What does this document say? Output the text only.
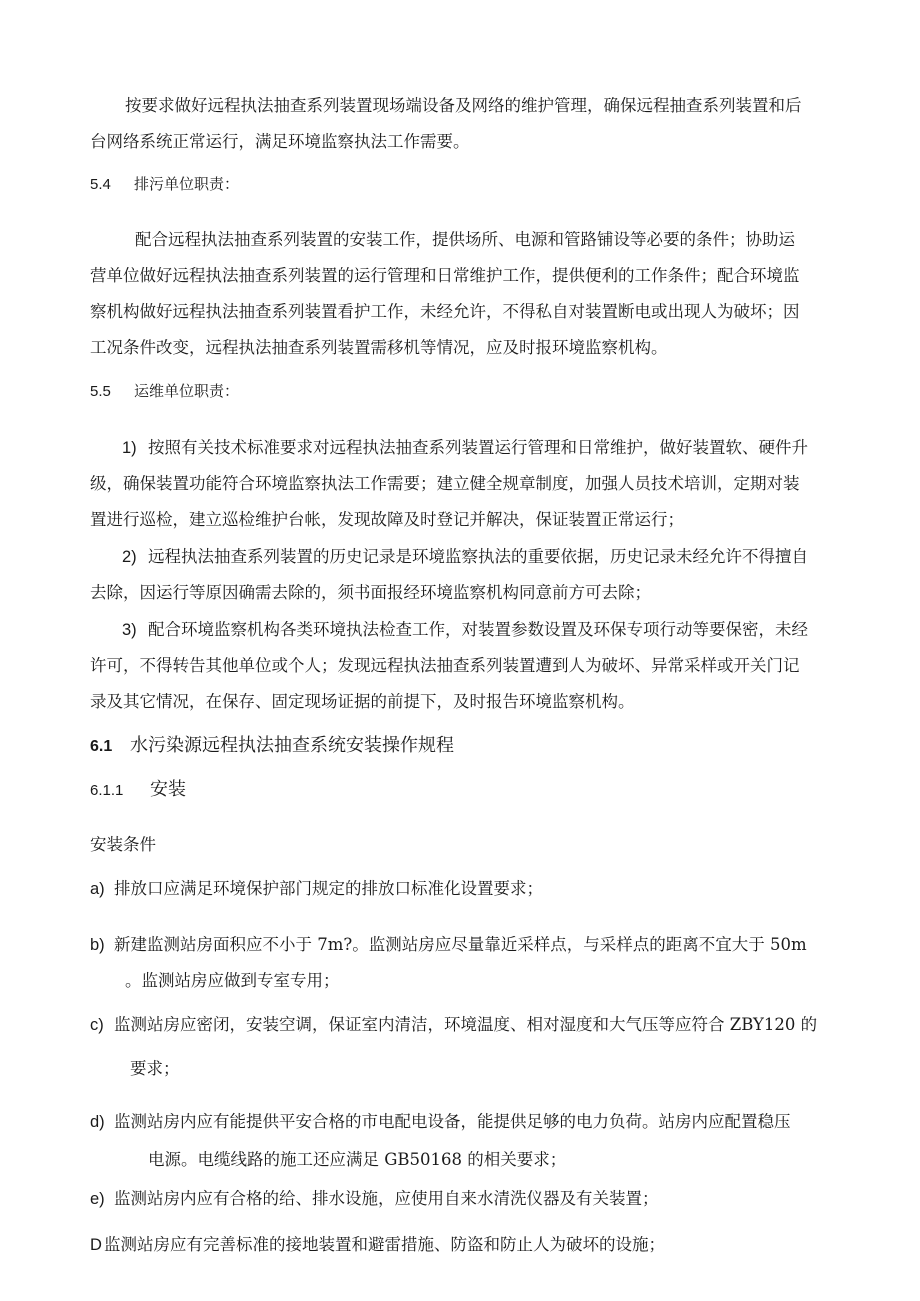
按要求做好远程执法抽查系列装置现场端设备及网络的维护管理，确保远程抽查系列装置和后
台网络系统正常运行，满足环境监察执法工作需要。
5.4 排污单位职责：
配合远程执法抽查系列装置的安装工作，提供场所、电源和管路铺设等必要的条件；协助运
营单位做好远程执法抽查系列装置的运行管理和日常维护工作，提供便利的工作条件；配合环境监
察机构做好远程执法抽查系列装置看护工作，未经允许，不得私自对装置断电或出现人为破坏；因
工况条件改变，远程执法抽查系列装置需移机等情况，应及时报环境监察机构。
5.5 运维单位职责：
1) 按照有关技术标准要求对远程执法抽查系列装置运行管理和日常维护，做好装置软、硬件升
级，确保装置功能符合环境监察执法工作需要；建立健全规章制度，加强人员技术培训，定期对装
置进行巡检，建立巡检维护台帐，发现故障及时登记并解决，保证装置正常运行；
2) 远程执法抽查系列装置的历史记录是环境监察执法的重要依据，历史记录未经允许不得擅自
去除，因运行等原因确需去除的，须书面报经环境监察机构同意前方可去除；
3) 配合环境监察机构各类环境执法检查工作，对装置参数设置及环保专项行动等要保密，未经
许可，不得转告其他单位或个人；发现远程执法抽查系列装置遭到人为破坏、异常采样或开关门记
录及其它情况，在保存、固定现场证据的前提下，及时报告环境监察机构。
6.1 水污染源远程执法抽查系统安装操作规程
6.1.1 安装
安装条件
a) 排放口应满足环境保护部门规定的排放口标准化设置要求；
b) 新建监测站房面积应不小于 7m?。监测站房应尽量靠近采样点，与采样点的距离不宜大于 50m
。监测站房应做到专室专用；
c) 监测站房应密闭，安装空调，保证室内清洁，环境温度、相对湿度和大气压等应符合 ZBY120 的
要求；
d) 监测站房内应有能提供平安合格的市电配电设备，能提供足够的电力负荷。站房内应配置稳压
电源。电缆线路的施工还应满足 GB50168 的相关要求；
e) 监测站房内应有合格的给、排水设施，应使用自来水清洗仪器及有关装置；
D 监测站房应有完善标准的接地装置和避雷措施、防盗和防止人为破坏的设施；
